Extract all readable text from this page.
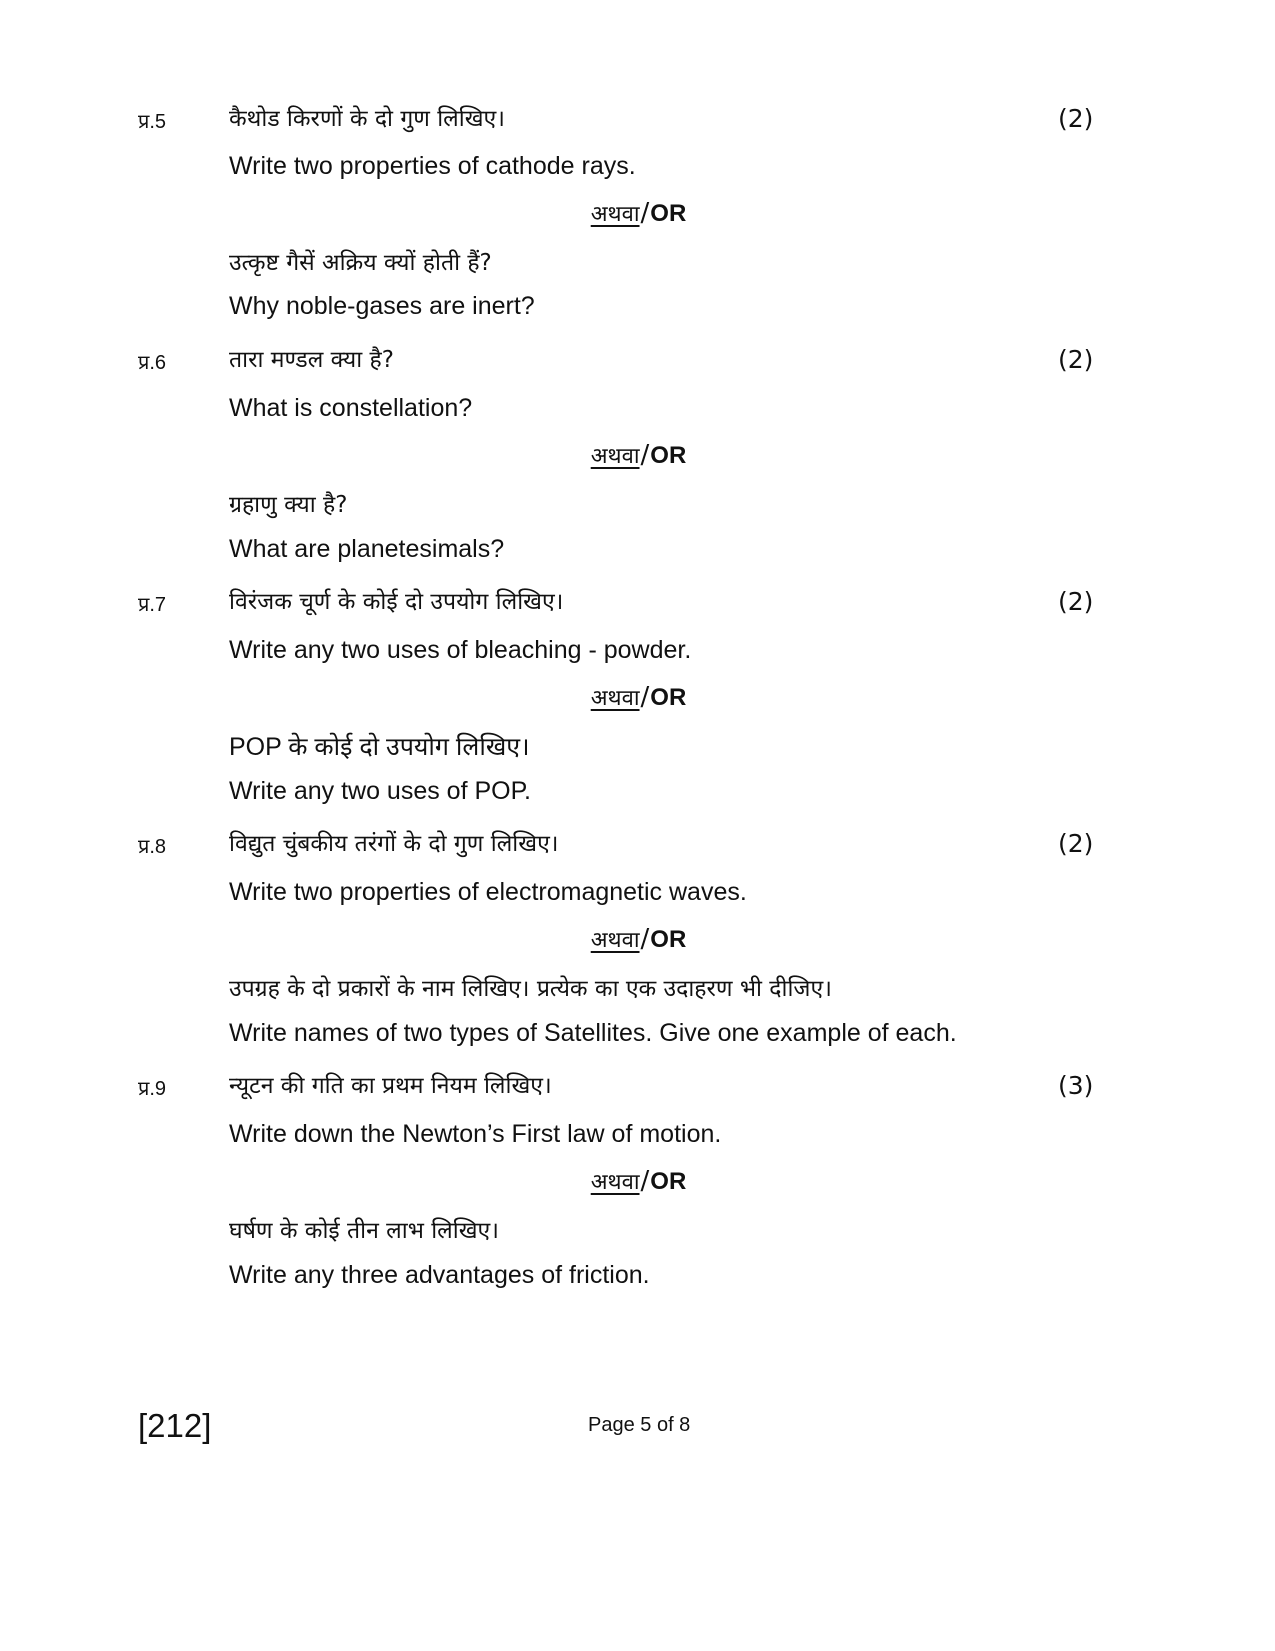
प्र.5	कैथोड किरणों के दो गुण लिखिए।	(2)
Write two properties of cathode rays.
अथवा/OR
उत्कृष्ट गैसें अक्रिय क्यों होती हैं?
Why noble-gases are inert?
प्र.6	तारा मण्डल क्या है?	(2)
What is constellation?
अथवा/OR
ग्रहाणु क्या है?
What are planetesimals?
प्र.7	विरंजक चूर्ण के कोई दो उपयोग लिखिए।	(2)
Write any two uses of bleaching - powder.
अथवा/OR
POP के कोई दो उपयोग लिखिए।
Write any two uses of POP.
प्र.8	विद्युत चुंबकीय तरंगों के दो गुण लिखिए।	(2)
Write two properties of electromagnetic waves.
अथवा/OR
उपग्रह के दो प्रकारों के नाम लिखिए। प्रत्येक का एक उदाहरण भी दीजिए।
Write names of two types of Satellites. Give one example of each.
प्र.9	न्यूटन की गति का प्रथम नियम लिखिए।	(3)
Write down the Newton’s First law of motion.
अथवा/OR
घर्षण के कोई तीन लाभ लिखिए।
Write any three advantages of friction.
[212]	Page 5 of 8
